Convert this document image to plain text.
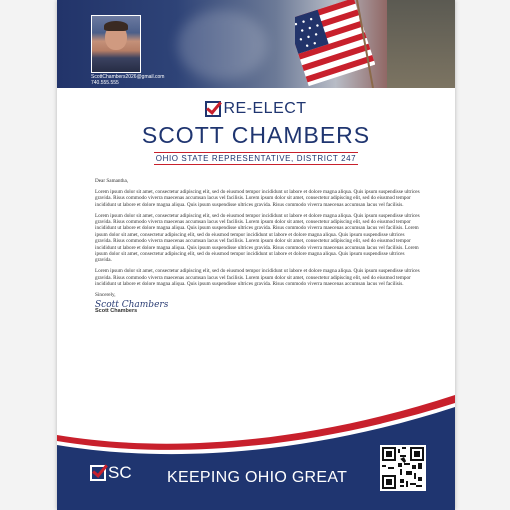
ScottChambers2026@gmail.com
740.555.555
RE-ELECT
SCOTT CHAMBERS
OHIO STATE REPRESENTATIVE, DISTRICT 247

Dear Samantha,

Lorem ipsum dolor sit amet, consectetur adipiscing elit, sed do eiusmod tempor incididunt ut labore et dolore magna aliqua. Quis ipsum suspendisse ultrices gravida. Risus commodo viverra maecenas accumsan lacus vel facilisis. Lorem ipsum dolor sit amet, consectetur adipiscing elit, sed do eiusmod tempor incididunt ut labore et dolore magna aliqua. Quis ipsum suspendisse ultrices gravida. Risus commodo viverra maecenas accumsan lacus vel facilisis.

Lorem ipsum dolor sit amet, consectetur adipiscing elit, sed do eiusmod tempor incididunt ut labore et dolore magna aliqua. Quis ipsum suspendisse ultrices gravida. Risus commodo viverra maecenas accumsan lacus vel facilisis. Lorem ipsum dolor sit amet, consectetur adipiscing elit, sed do eiusmod tempor incididunt ut labore et dolore magna aliqua. Quis ipsum suspendisse ultrices gravida. Risus commodo viverra maecenas accumsan lacus vel facilisis. Lorem ipsum dolor sit amet, consectetur adipiscing elit, sed do eiusmod tempor incididunt ut labore et dolore magna aliqua. Quis ipsum suspendisse ultrices gravida. Risus commodo viverra maecenas accumsan lacus vel facilisis. Lorem ipsum dolor sit amet, consectetur adipiscing elit, sed do eiusmod tempor incididunt ut labore et dolore magna aliqua. Quis ipsum suspendisse ultrices gravida. Risus commodo viverra maecenas accumsan lacus vel facilisis. Lorem ipsum dolor sit amet, consectetur adipiscing elit, sed do eiusmod tempor incididunt ut labore et dolore magna aliqua. Quis ipsum suspendisse ultrices gravida.

Lorem ipsum dolor sit amet, consectetur adipiscing elit, sed do eiusmod tempor incididunt ut labore et dolore magna aliqua. Quis ipsum suspendisse ultrices gravida. Risus commodo viverra maecenas accumsan lacus vel facilisis. Lorem ipsum dolor sit amet, consectetur adipiscing elit, sed do eiusmod tempor incididunt ut labore et dolore magna aliqua. Quis ipsum suspendisse ultrices gravida. Risus commodo viverra maecenas accumsan lacus vel facilisis.

Sincerely,

Scott Chambers
Scott Chambers
SC KEEPING OHIO GREAT
